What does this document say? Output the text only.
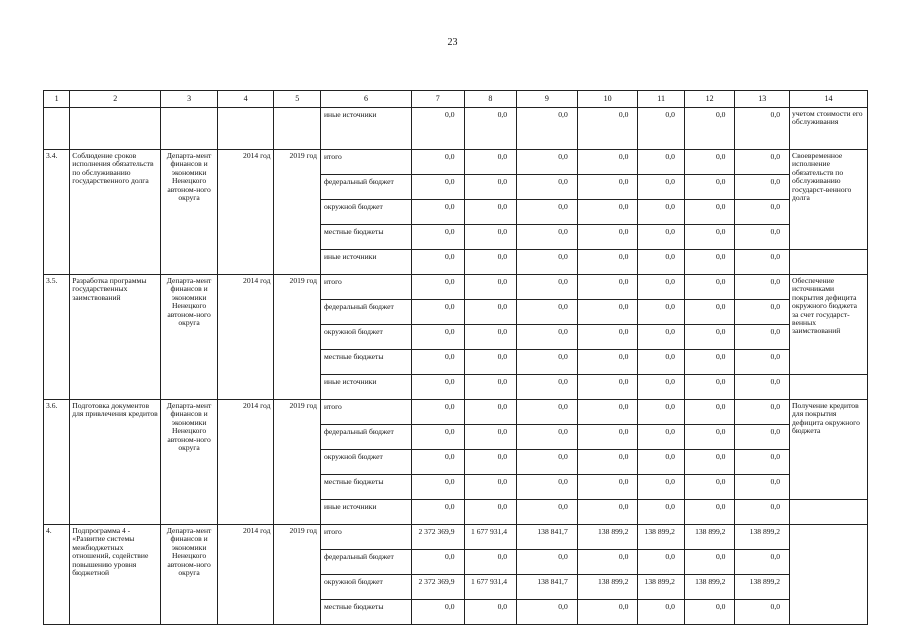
23
1	2	3	4	5	6	7	8	9	10	11	12	13	14
					иные источники	0,0	0,0	0,0	0,0	0,0	0,0	0,0	учетом стоимости его обслуживания
3.4.	Соблюдение сроков исполнения обязательств по обслуживанию государственного долга	Департа-мент финансов и экономики Ненецкого автоном-ного округа	2014 год	2019 год	итого	0,0	0,0	0,0	0,0	0,0	0,0	0,0	Своевременное исполнение обязательств по обслуживанию государст-венного долга
					федеральный бюджет	0,0	0,0	0,0	0,0	0,0	0,0	0,0	
					окружной бюджет	0,0	0,0	0,0	0,0	0,0	0,0	0,0	
					местные бюджеты	0,0	0,0	0,0	0,0	0,0	0,0	0,0	
					иные источники	0,0	0,0	0,0	0,0	0,0	0,0	0,0	
3.5.	Разработка программы государственных заимствований	Департа-мент финансов и экономики Ненецкого автоном-ного округа	2014 год	2019 год	итого	0,0	0,0	0,0	0,0	0,0	0,0	0,0	Обеспечение источниками покрытия дефицита окружного бюджета за счет государст-венных заимствований
					федеральный бюджет	0,0	0,0	0,0	0,0	0,0	0,0	0,0	
					окружной бюджет	0,0	0,0	0,0	0,0	0,0	0,0	0,0	
					местные бюджеты	0,0	0,0	0,0	0,0	0,0	0,0	0,0	
					иные источники	0,0	0,0	0,0	0,0	0,0	0,0	0,0	
3.6.	Подготовка документов для привлечения кредитов	Департа-мент финансов и экономики Ненецкого автоном-ного округа	2014 год	2019 год	итого	0,0	0,0	0,0	0,0	0,0	0,0	0,0	Получение кредитов для покрытия дефицита окружного бюджета
					федеральный бюджет	0,0	0,0	0,0	0,0	0,0	0,0	0,0	
					окружной бюджет	0,0	0,0	0,0	0,0	0,0	0,0	0,0	
					местные бюджеты	0,0	0,0	0,0	0,0	0,0	0,0	0,0	
					иные источники	0,0	0,0	0,0	0,0	0,0	0,0	0,0	
4.	Подпрограмма 4 - «Развитие системы межбюджетных отношений, содействие повышению уровня бюджетной	Департа-мент финансов и экономики Ненецкого автоном-ного округа	2014 год	2019 год	итого	2 372 369,9	1 677 931,4	138 841,7	138 899,2	138 899,2	138 899,2	138 899,2	
					федеральный бюджет	0,0	0,0	0,0	0,0	0,0	0,0	0,0	
					окружной бюджет	2 372 369,9	1 677 931,4	138 841,7	138 899,2	138 899,2	138 899,2	138 899,2	
					местные бюджеты	0,0	0,0	0,0	0,0	0,0	0,0	0,0	
